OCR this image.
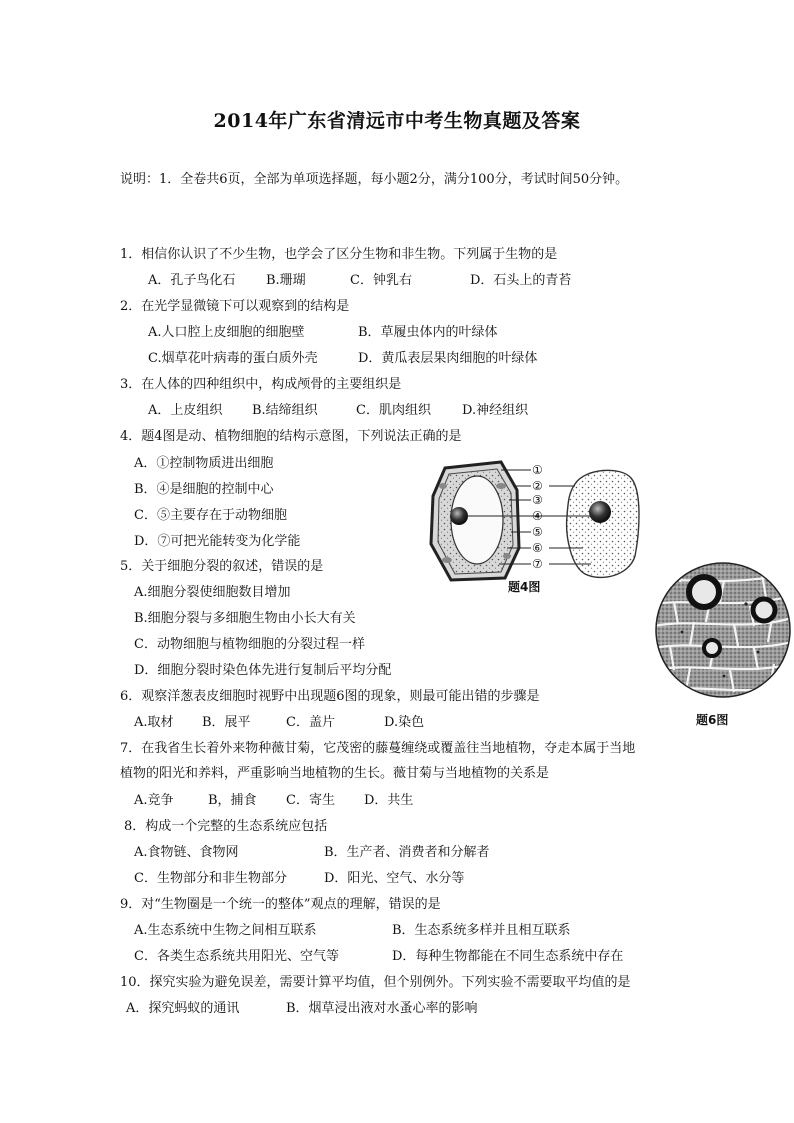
2014年广东省清远市中考生物真题及答案
说明：1．全卷共6页，全部为单项选择题，每小题2分，满分100分，考试时间50分钟。
1．相信你认识了不少生物，也学会了区分生物和非生物。下列属于生物的是
A．孔子鸟化石 B.珊瑚	C．钟乳右	D．石头上的青苔
2．在光学显微镜下可以观察到的结构是
A.人口腔上皮细胞的细胞壁	B．草履虫体内的叶绿体
C.烟草花叶病毒的蛋白质外壳	D．黄瓜表层果肉细胞的叶绿体
3．在人体的四种组织中，构成颅骨的主要组织是
A．上皮组织 B.结缔组织	C．肌肉组织 D.神经组织
4．题4图是动、植物细胞的结构示意图，下列说法正确的是
A．①控制物质进出细胞
B．④是细胞的控制中心
C．⑤主要存在于动物细胞
D．⑦可把光能转变为化学能
①
②
③
④
⑤
⑥
⑦
题4图
5．关于细胞分裂的叙述，错误的是
A.细胞分裂使细胞数目增加
B.细胞分裂与多细胞生物由小长大有关
C．动物细胞与植物细胞的分裂过程一样
D．细胞分裂时染色体先进行复制后平均分配
题6图
6．观察洋葱表皮细胞时视野中出现题6图的现象，则最可能出错的步骤是
A.取材 B．展平	C．盖片	D.染色
7．在我省生长着外来物种薇甘菊，它茂密的藤蔓缠绕或覆盖往当地植物，夺走本属于当地
植物的阳光和养料，严重影响当地植物的生长。薇甘菊与当地植物的关系是
A.竞争	B，捕食 C．寄生 D．共生
8．构成一个完整的生态系统应包括
A.食物链、食物网	B．生产者、消费者和分解者
C．生物部分和非生物部分	D．阳光、空气、水分等
9．对“生物圈是一个统一的整体”观点的理解，错误的是
A.生态系统中生物之间相互联系	B．生态系统多样并且相互联系
C．各类生态系统共用阳光、空气等	D．每种生物都能在不同生态系统中存在
10．探究实验为避免误差，需要计算平均值，但个别例外。下列实验不需要取平均值的是
A．探究蚂蚁的通讯	B．烟草浸出液对水蚤心率的影响
